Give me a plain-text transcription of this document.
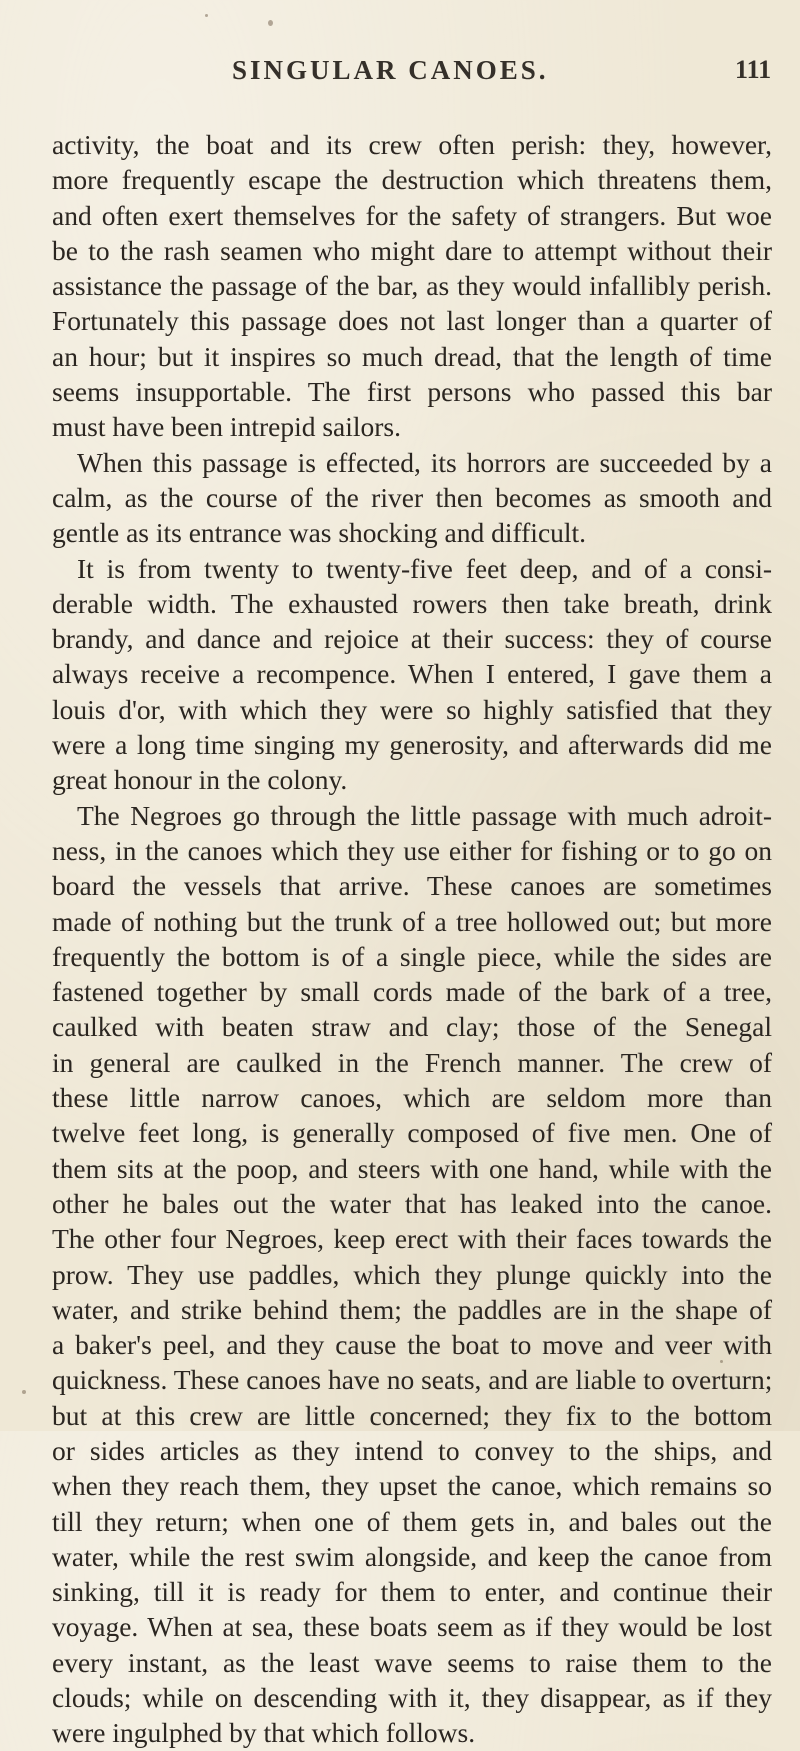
SINGULAR CANOES.	111
activity, the boat and its crew often perish: they, however,
more frequently escape the destruction which threatens them,
and often exert themselves for the safety of strangers. But woe
be to the rash seamen who might dare to attempt without their
assistance the passage of the bar, as they would infallibly perish.
Fortunately this passage does not last longer than a quarter of
an hour; but it inspires so much dread, that the length of time
seems insupportable. The first persons who passed this bar
must have been intrepid sailors.
When this passage is effected, its horrors are succeeded by a
calm, as the course of the river then becomes as smooth and
gentle as its entrance was shocking and difficult.
It is from twenty to twenty-five feet deep, and of a consi-
derable width. The exhausted rowers then take breath, drink
brandy, and dance and rejoice at their success: they of course
always receive a recompence. When I entered, I gave them a
louis d'or, with which they were so highly satisfied that they
were a long time singing my generosity, and afterwards did me
great honour in the colony.
The Negroes go through the little passage with much adroit-
ness, in the canoes which they use either for fishing or to go on
board the vessels that arrive. These canoes are sometimes
made of nothing but the trunk of a tree hollowed out; but more
frequently the bottom is of a single piece, while the sides are
fastened together by small cords made of the bark of a tree,
caulked with beaten straw and clay; those of the Senegal
in general are caulked in the French manner. The crew of
these little narrow canoes, which are seldom more than
twelve feet long, is generally composed of five men. One of
them sits at the poop, and steers with one hand, while with the
other he bales out the water that has leaked into the canoe.
The other four Negroes, keep erect with their faces towards the
prow. They use paddles, which they plunge quickly into the
water, and strike behind them; the paddles are in the shape of
a baker's peel, and they cause the boat to move and veer with
quickness. These canoes have no seats, and are liable to overturn;
but at this crew are little concerned; they fix to the bottom
or sides articles as they intend to convey to the ships, and
when they reach them, they upset the canoe, which remains so
till they return; when one of them gets in, and bales out the
water, while the rest swim alongside, and keep the canoe from
sinking, till it is ready for them to enter, and continue their
voyage. When at sea, these boats seem as if they would be lost
every instant, as the least wave seems to raise them to the
clouds; while on descending with it, they disappear, as if they
were ingulphed by that which follows.
